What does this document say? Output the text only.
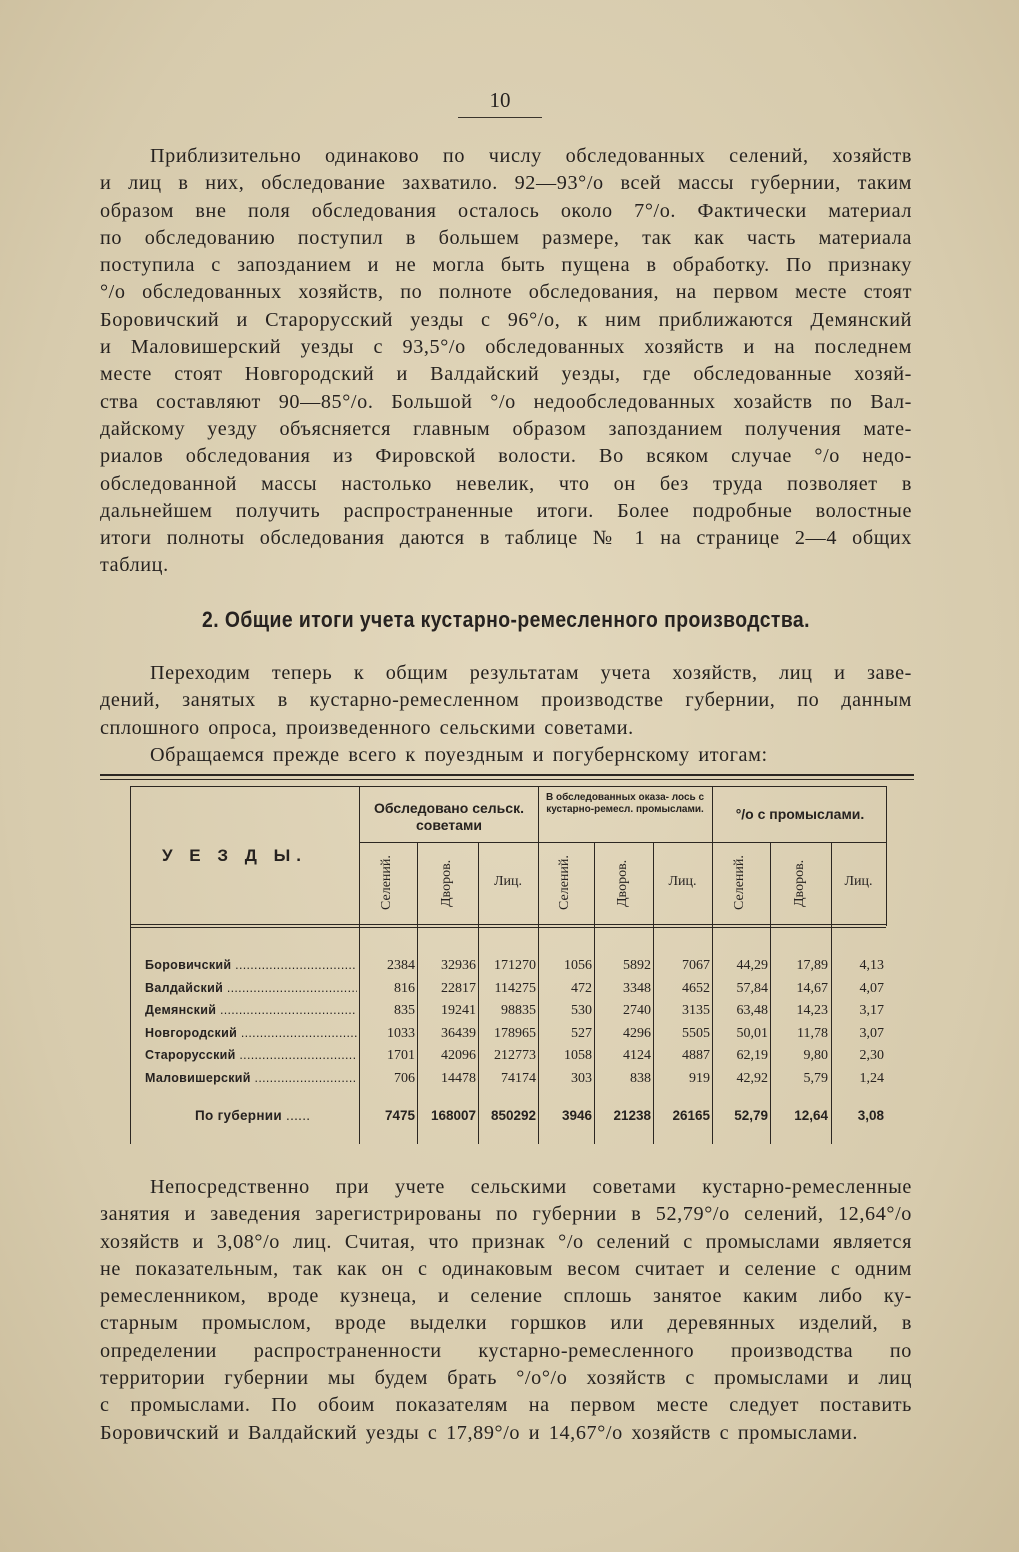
10

Приблизительно одинаково по числу обследованных селений, хозяйств
и лиц в них, обследование захватило. 92—93°/о всей массы губернии, таким
образом вне поля обследования осталось около 7°/о. Фактически материал
по обследованию поступил в большем размере, так как часть материала
поступила с запозданием и не могла быть пущена в обработку. По признаку
°/о обследованных хозяйств, по полноте обследования, на первом месте стоят
Боровичский и Старорусский уезды с 96°/о, к ним приближаются Демянский
и Маловишерский уезды с 93,5°/о обследованных хозяйств и на последнем
месте стоят Новгородский и Валдайский уезды, где обследованные хозяй-
ства составляют 90—85°/о. Большой °/о недообследованных хозайств по Вал-
дайскому уезду объясняется главным образом запозданием получения мате-
риалов обследования из Фировской волости. Во всяком случае °/о недо-
обследованной массы настолько невелик, что он без труда позволяет в
дальнейшем получить распространенные итоги. Более подробные волостные
итоги полноты обследования даются в таблице № 1 на странице 2—4 общих
таблиц.

2. Общие итоги учета кустарно-ремесленного производства.

Переходим теперь к общим результатам учета хозяйств, лиц и заве-
дений, занятых в кустарно-ремесленном производстве губернии, по данным
сплошного опроса, произведенного сельскими советами.

Обращаемся прежде всего к поуездным и погубернскому итогам:

У Е З Д Ы.
Обследовано сельск. советами
В обследованных оказа- лось с кустарно-ремесл. промыслами.	°/о с промыслами.
Селений.	Дворов.	Лиц.	Селений.	Дворов.	Лиц.	Селений.	Дворов.	Лиц.
Боровичский .....	2384 32936 171270 1056 5892 7067 44,29 17,89 4,13
Валдайский .....	816 22817 114275	472 3348 4652 57,84 14,67 4,07
Демянский .....	835 19241 98835	530 2740 3135 63,48 14,23 3,17
Новгородский .....	1033 36439 178965	527 4296 5505 50,01 11,78 3,07
Старорусский .....	1701 42096 212773 1058 4124 4887 62,19	9,80 2,30
Маловишерский .....	706 14478 74174	303	838	919 42,92	5,79 1,24
По губернии ......	7475 168007 850292 3946 21238 26165 52,79 12,64 3,08

Непосредственно при учете сельскими советами кустарно-ремесленные
занятия и заведения зарегистрированы по губернии в 52,79°/о селений, 12,64°/о
хозяйств и 3,08°/о лиц. Считая, что признак °/о селений с промыслами является
не показательным, так как он с одинаковым весом считает и селение с одним
ремесленником, вроде кузнеца, и селение сплошь занятое каким либо ку-
старным промыслом, вроде выделки горшков или деревянных изделий, в
определении распространенности кустарно-ремесленного производства по
территории губернии мы будем брать °/о°/о хозяйств с промыслами и лиц
с промыслами. По обоим показателям на первом месте следует поставить
Боровичский и Валдайский уезды с 17,89°/о и 14,67°/о хозяйств с промыслами.
